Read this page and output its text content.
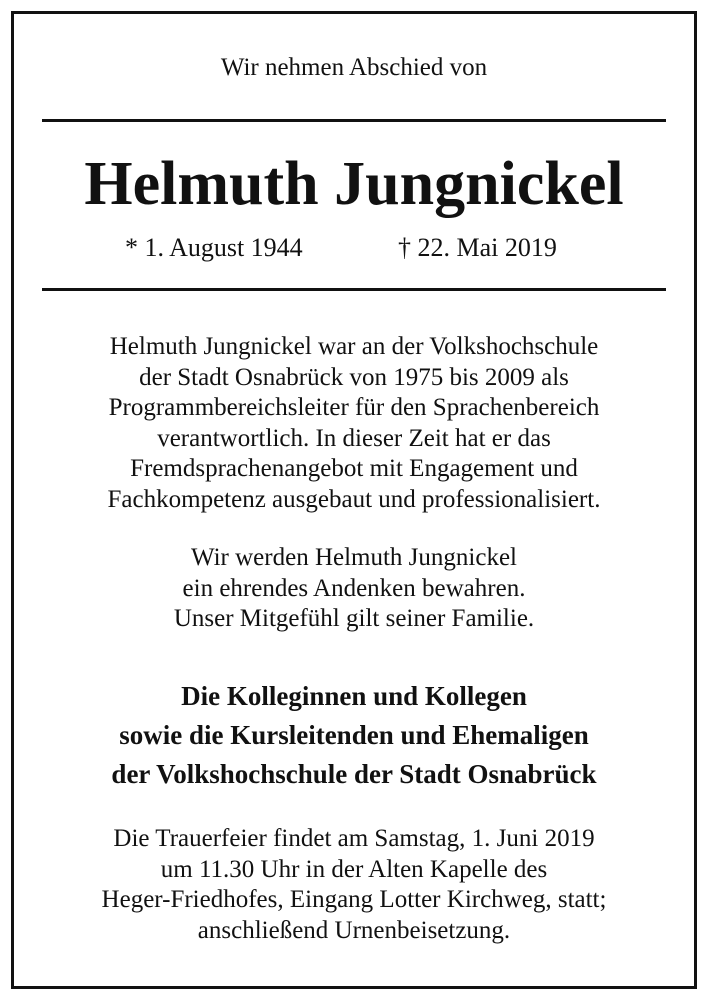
Wir nehmen Abschied von
Helmuth Jungnickel
* 1. August 1944	† 22. Mai 2019
Helmuth Jungnickel war an der Volkshochschule
der Stadt Osnabrück von 1975 bis 2009 als
Programmbereichsleiter für den Sprachenbereich
verantwortlich. In dieser Zeit hat er das
Fremdsprachenangebot mit Engagement und
Fachkompetenz ausgebaut und professionalisiert.
Wir werden Helmuth Jungnickel
ein ehrendes Andenken bewahren.
Unser Mitgefühl gilt seiner Familie.
Die Kolleginnen und Kollegen
sowie die Kursleitenden und Ehemaligen
der Volkshochschule der Stadt Osnabrück
Die Trauerfeier findet am Samstag, 1. Juni 2019
um 11.30 Uhr in der Alten Kapelle des
Heger-Friedhofes, Eingang Lotter Kirchweg, statt;
anschließend Urnenbeisetzung.
